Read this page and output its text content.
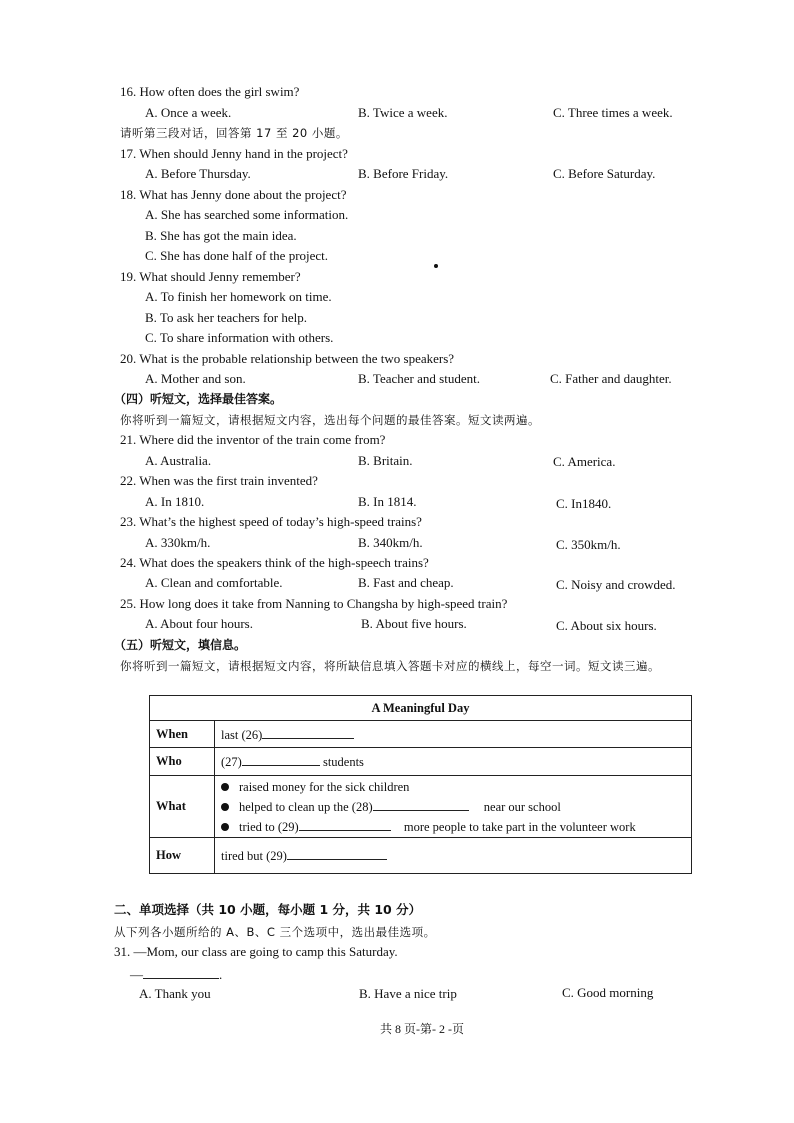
16. How often does the girl swim?
A. Once a week.	B. Twice a week.	C. Three times a week.
请听第三段对话，回答第 17 至 20 小题。
17. When should Jenny hand in the project?
A. Before Thursday.	B. Before Friday.	C. Before Saturday.
18. What has Jenny done about the project?
A. She has searched some information.
B. She has got the main idea.
C. She has done half of the project.
19. What should Jenny remember?
A. To finish her homework on time.
B. To ask her teachers for help.
C. To share information with others.
20. What is the probable relationship between the two speakers?
A. Mother and son.	B. Teacher and student.	C. Father and daughter.
（四）听短文，选择最佳答案。
你将听到一篇短文，请根据短文内容，选出每个问题的最佳答案。短文读两遍。
21. Where did the inventor of the train come from?
A. Australia.	B. Britain.	C. America.
22. When was the first train invented?
A. In 1810.	B. In 1814.	C. In1840.
23. What’s the highest speed of today’s high-speed trains?
A. 330km/h.	B. 340km/h.	C. 350km/h.
24. What does the speakers think of the high-speech trains?
A. Clean and comfortable.	B. Fast and cheap.	C. Noisy and crowded.
25. How long does it take from Nanning to Changsha by high-speed train?
A. About four hours.	B. About five hours.	C. About six hours.
（五）听短文，填信息。
你将听到一篇短文，请根据短文内容，将所缺信息填入答题卡对应的横线上，每空一词。短文读三遍。
A Meaningful Day	
When	last (26)
Who	(27) students
What	raised money for the sick children
helped to clean up the (28) near our school
tried to (29) more people to take part in the volunteer work

How	tired but (29)
二、单项选择（共 10 小题，每小题 1 分，共 10 分）
从下列各小题所给的 A、B、C 三个选项中，选出最佳选项。
31. —Mom, our class are going to camp this Saturday.
—	.
A. Thank you	B. Have a nice trip	C. Good morning
共 8 页-第- 2 -页
